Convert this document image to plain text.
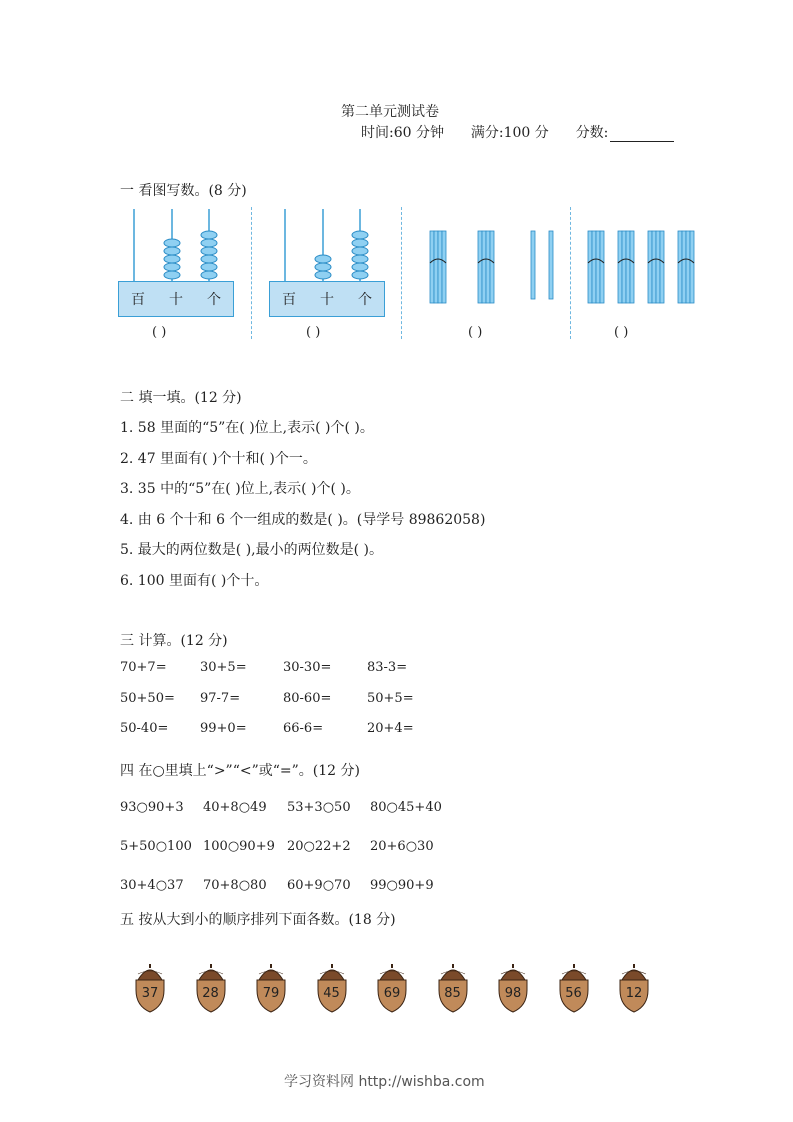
第二单元测试卷
时间:60 分钟 满分:100 分 分数:
一 看图写数。(8 分)
百 十 个
( )
百 十 个
( )	( )	( )
二 填一填。(12 分)
1. 58 里面的“5”在( )位上,表示( )个( )。
2. 47 里面有( )个十和( )个一。
3. 35 中的“5”在( )位上,表示( )个( )。
4. 由 6 个十和 6 个一组成的数是( )。(导学号 89862058)
5. 最大的两位数是( ),最小的两位数是( )。
6. 100 里面有( )个十。
三 计算。(12 分)
70+7=	30+5=	30-30=	83-3=
50+50= 97-7=	80-60=	50+5=
50-40= 99+0=	66-6=	20+4=
四 在○里填上“>”“<”或“=”。(12 分)
93○90+3 40+8○49 53+3○50 80○45+40
5+50○100 100○90+9 20○22+2 20+6○30
30+4○37 70+8○80 60+9○70 99○90+9
五 按从大到小的顺序排列下面各数。(18 分)
37	28	79	45	69	85	98	56	12
学习资料网 http://wishba.com
